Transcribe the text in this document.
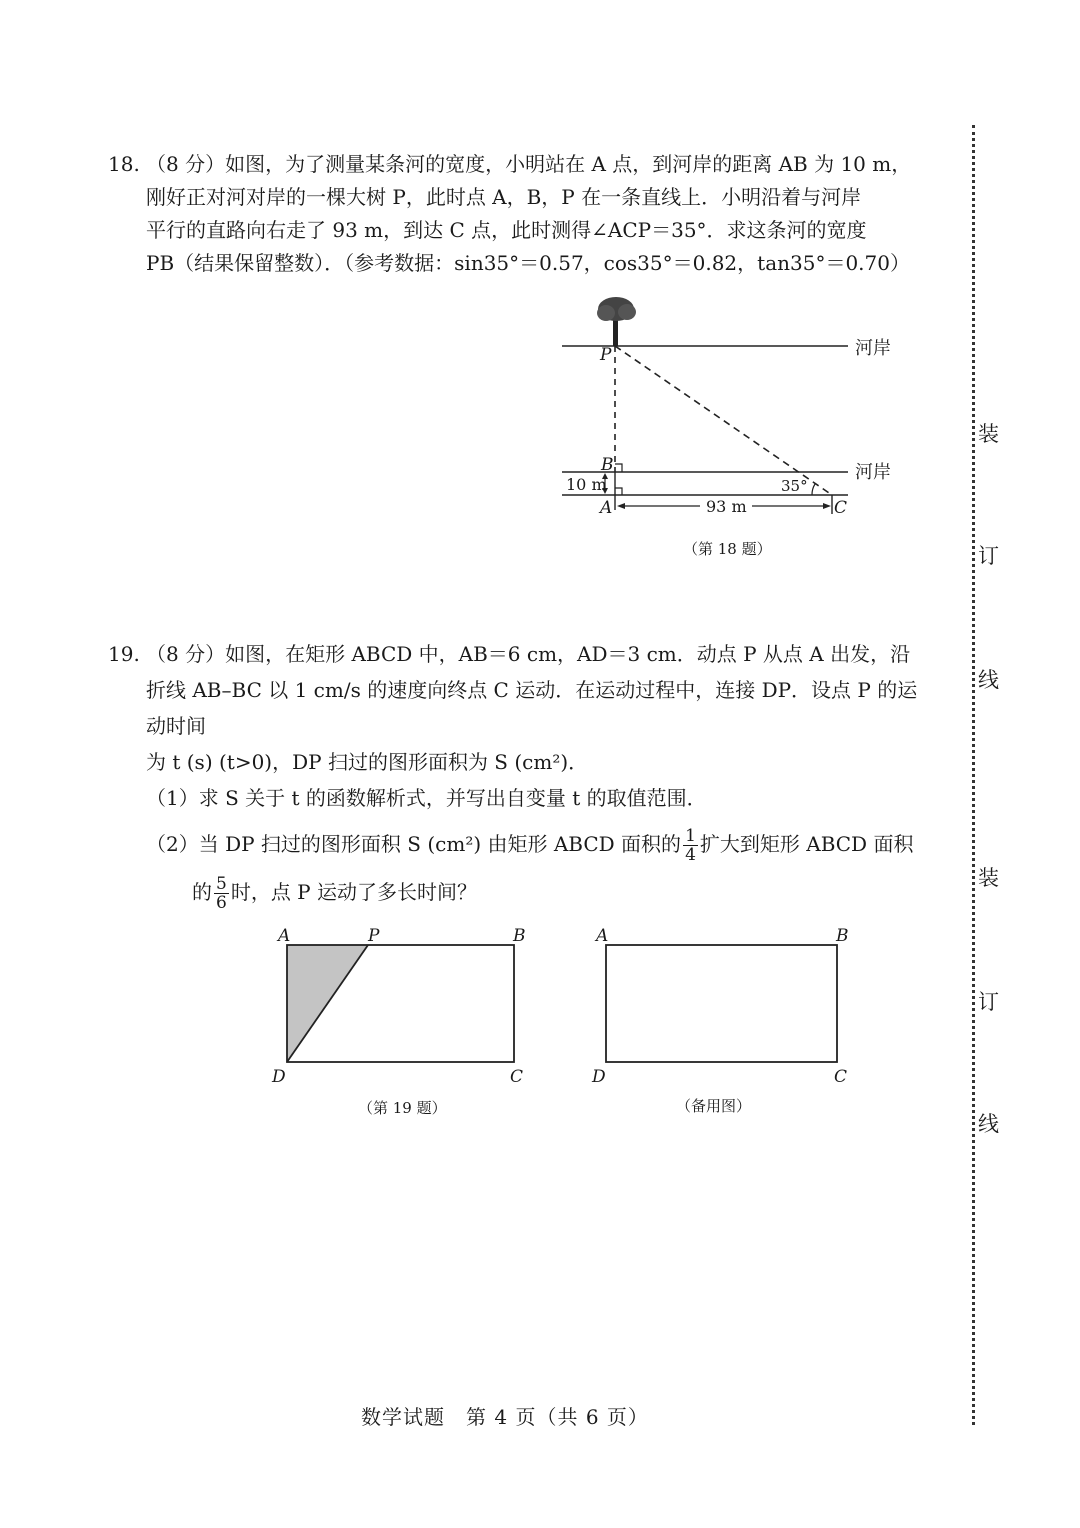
18. （8 分）如图，为了测量某条河的宽度，小明站在 A 点，到河岸的距离 AB 为 10 m，

刚好正对河对岸的一棵大树 P，此时点 A，B，P 在一条直线上．小明沿着与河岸

平行的直路向右走了 93 m，到达 C 点，此时测得∠ACP＝35°．求这条河的宽度

PB（结果保留整数）．（参考数据：sin35°＝0.57，cos35°＝0.82，tan35°＝0.70）

P
B
A	C
河岸
河岸
10 m
93 m
35°
（第 18 题）

19. （8 分）如图，在矩形 ABCD 中，AB＝6 cm，AD＝3 cm．动点 P 从点 A 出发，沿

折线 AB–BC 以 1 cm/s 的速度向终点 C 运动．在运动过程中，连接 DP．设点 P 的运动时间

为 t (s) (t>0)，DP 扫过的图形面积为 S (cm²)．

（1）求 S 关于 t 的函数解析式，并写出自变量 t 的取值范围．

（2）当 DP 扫过的图形面积 S (cm²) 由矩形 ABCD 面积的 $\frac{1}{4}$ 扩大到矩形 ABCD 面积

的 $\frac{5}{6}$ 时，点 P 运动了多长时间？

A	P	B
D	C
A	B
D	C
（第 19 题）	（备用图）
装
订
线
装
订
线
数学试题　第 4 页（共 6 页）
